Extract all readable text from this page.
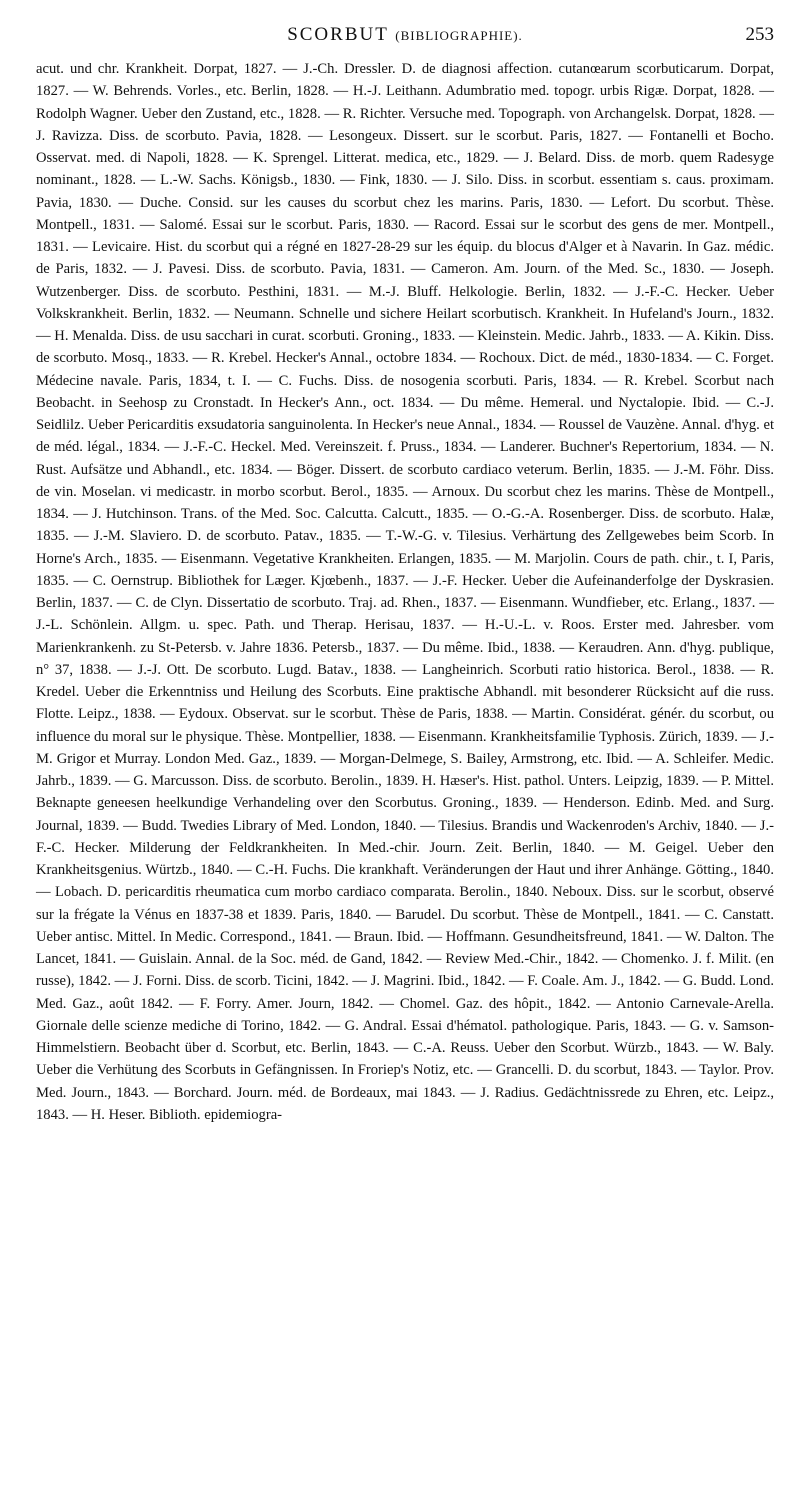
SCORBUT (BIBLIOGRAPHIE).	253

acut. und chr. Krankheit. Dorpat, 1827. — J.-Ch. Dressler. D. de diagnosi affection. cutanœarum scorbuticarum. Dorpat, 1827. — W. Behrends. Vorles., etc. Berlin, 1828. — H.-J. Leithann. Adumbratio med. topogr. urbis Rigæ. Dorpat, 1828. — Rodolph Wagner. Ueber den Zustand, etc., 1828. — R. Richter. Versuche med. Topograph. von Archangelsk. Dorpat, 1828. — J. Ravizza. Diss. de scorbuto. Pavia, 1828. — Lesongeux. Dissert. sur le scorbut. Paris, 1827. — Fontanelli et Bocho. Osservat. med. di Napoli, 1828. — K. Sprengel. Litterat. medica, etc., 1829. — J. Belard. Diss. de morb. quem Radesyge nominant., 1828. — L.-W. Sachs. Königsb., 1830. — Fink, 1830. — J. Silo. Diss. in scorbut. essentiam s. caus. proximam. Pavia, 1830. — Duche. Consid. sur les causes du scorbut chez les marins. Paris, 1830. — Lefort. Du scorbut. Thèse. Montpell., 1831. — Salomé. Essai sur le scorbut. Paris, 1830. — Racord. Essai sur le scorbut des gens de mer. Montpell., 1831. — Levicaire. Hist. du scorbut qui a régné en 1827-28-29 sur les équip. du blocus d'Alger et à Navarin. In Gaz. médic. de Paris, 1832. — J. Pavesi. Diss. de scorbuto. Pavia, 1831. — Cameron. Am. Journ. of the Med. Sc., 1830. — Joseph. Wutzenberger. Diss. de scorbuto. Pesthini, 1831. — M.-J. Bluff. Helkologie. Berlin, 1832. — J.-F.-C. Hecker. Ueber Volkskrankheit. Berlin, 1832. — Neumann. Schnelle und sichere Heilart scorbutisch. Krankheit. In Hufeland's Journ., 1832. — H. Menalda. Diss. de usu sacchari in curat. scorbuti. Groning., 1833. — Kleinstein. Medic. Jahrb., 1833. — A. Kikin. Diss. de scorbuto. Mosq., 1833. — R. Krebel. Hecker's Annal., octobre 1834. — Rochoux. Dict. de méd., 1830-1834. — C. Forget. Médecine navale. Paris, 1834, t. I. — C. Fuchs. Diss. de nosogenia scorbuti. Paris, 1834. — R. Krebel. Scorbut nach Beobacht. in Seehosp zu Cronstadt. In Hecker's Ann., oct. 1834. — Du même. Hemeral. und Nyctalopie. Ibid. — C.-J. Seidlilz. Ueber Pericarditis exsudatoria sanguinolenta. In Hecker's neue Annal., 1834. — Roussel de Vauzène. Annal. d'hyg. et de méd. légal., 1834. — J.-F.-C. Heckel. Med. Vereinszeit. f. Pruss., 1834. — Landerer. Buchner's Repertorium, 1834. — N. Rust. Aufsätze und Abhandl., etc. 1834. — Böger. Dissert. de scorbuto cardiaco veterum. Berlin, 1835. — J.-M. Föhr. Diss. de vin. Moselan. vi medicastr. in morbo scorbut. Berol., 1835. — Arnoux. Du scorbut chez les marins. Thèse de Montpell., 1834. — J. Hutchinson. Trans. of the Med. Soc. Calcutta. Calcutt., 1835. — O.-G.-A. Rosenberger. Diss. de scorbuto. Halæ, 1835. — J.-M. Slaviero. D. de scorbuto. Patav., 1835. — T.-W.-G. v. Tilesius. Verhärtung des Zellgewebes beim Scorb. In Horne's Arch., 1835. — Eisenmann. Vegetative Krankheiten. Erlangen, 1835. — M. Marjolin. Cours de path. chir., t. I, Paris, 1835. — C. Oernstrup. Bibliothek for Læger. Kjœbenh., 1837. — J.-F. Hecker. Ueber die Aufeinanderfolge der Dyskrasien. Berlin, 1837. — C. de Clyn. Dissertatio de scorbuto. Traj. ad. Rhen., 1837. — Eisenmann. Wundfieber, etc. Erlang., 1837. — J.-L. Schönlein. Allgm. u. spec. Path. und Therap. Herisau, 1837. — H.-U.-L. v. Roos. Erster med. Jahresber. vom Marienkrankenh. zu St-Petersb. v. Jahre 1836. Petersb., 1837. — Du même. Ibid., 1838. — Keraudren. Ann. d'hyg. publique, n° 37, 1838. — J.-J. Ott. De scorbuto. Lugd. Batav., 1838. — Langheinrich. Scorbuti ratio historica. Berol., 1838. — R. Kredel. Ueber die Erkenntniss und Heilung des Scorbuts. Eine praktische Abhandl. mit besonderer Rücksicht auf die russ. Flotte. Leipz., 1838. — Eydoux. Observat. sur le scorbut. Thèse de Paris, 1838. — Martin. Considérat. génér. du scorbut, ou influence du moral sur le physique. Thèse. Montpellier, 1838. — Eisenmann. Krankheitsfamilie Typhosis. Zürich, 1839. — J.-M. Grigor et Murray. London Med. Gaz., 1839. — Morgan-Delmege, S. Bailey, Armstrong, etc. Ibid. — A. Schleifer. Medic. Jahrb., 1839. — G. Marcusson. Diss. de scorbuto. Berolin., 1839. H. Hæser's. Hist. pathol. Unters. Leipzig, 1839. — P. Mittel. Beknapte geneesen heelkundige Verhandeling over den Scorbutus. Groning., 1839. — Henderson. Edinb. Med. and Surg. Journal, 1839. — Budd. Twedies Library of Med. London, 1840. — Tilesius. Brandis und Wackenroden's Archiv, 1840. — J.-F.-C. Hecker. Milderung der Feldkrankheiten. In Med.-chir. Journ. Zeit. Berlin, 1840. — M. Geigel. Ueber den Krankheitsgenius. Würtzb., 1840. — C.-H. Fuchs. Die krankhaft. Veränderungen der Haut und ihrer Anhänge. Götting., 1840. — Lobach. D. pericarditis rheumatica cum morbo cardiaco comparata. Berolin., 1840. Neboux. Diss. sur le scorbut, observé sur la frégate la Vénus en 1837-38 et 1839. Paris, 1840. — Barudel. Du scorbut. Thèse de Montpell., 1841. — C. Canstatt. Ueber antisc. Mittel. In Medic. Correspond., 1841. — Braun. Ibid. — Hoffmann. Gesundheitsfreund, 1841. — W. Dalton. The Lancet, 1841. — Guislain. Annal. de la Soc. méd. de Gand, 1842. — Review Med.-Chir., 1842. — Chomenko. J. f. Milit. (en russe), 1842. — J. Forni. Diss. de scorb. Ticini, 1842. — J. Magrini. Ibid., 1842. — F. Coale. Am. J., 1842. — G. Budd. Lond. Med. Gaz., août 1842. — F. Forry. Amer. Journ, 1842. — Chomel. Gaz. des hôpit., 1842. — Antonio Carnevale-Arella. Giornale delle scienze mediche di Torino, 1842. — G. Andral. Essai d'hématol. pathologique. Paris, 1843. — G. v. Samson-Himmelstiern. Beobacht über d. Scorbut, etc. Berlin, 1843. — C.-A. Reuss. Ueber den Scorbut. Würzb., 1843. — W. Baly. Ueber die Verhütung des Scorbuts in Gefängnissen. In Froriep's Notiz, etc. — Grancelli. D. du scorbut, 1843. — Taylor. Prov. Med. Journ., 1843. — Borchard. Journ. méd. de Bordeaux, mai 1843. — J. Radius. Gedächtnissrede zu Ehren, etc. Leipz., 1843. — H. Heser. Biblioth. epidemiogra-
